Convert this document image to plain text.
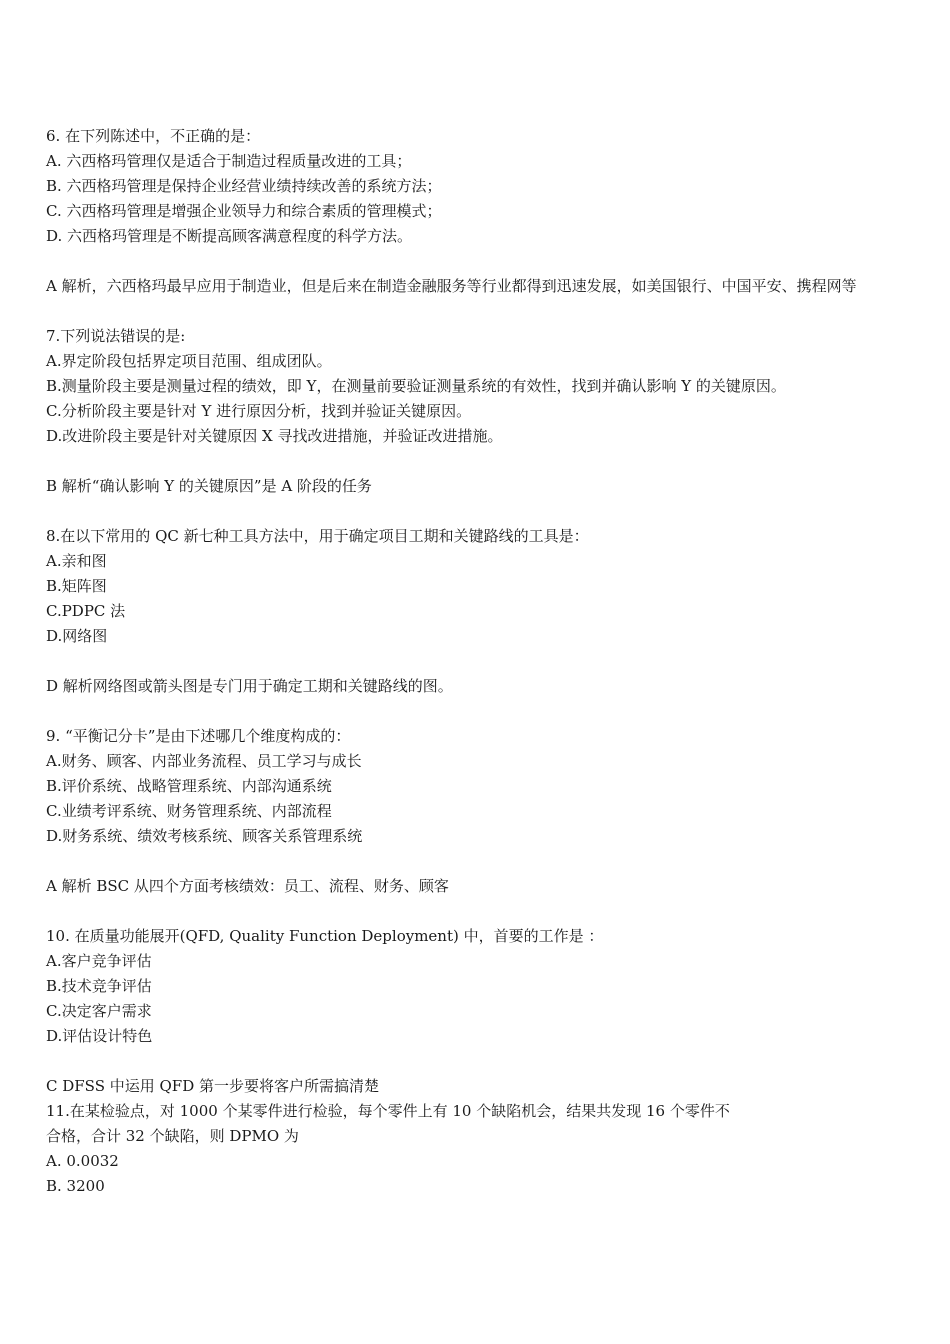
6. 在下列陈述中，不正确的是：
A. 六西格玛管理仅是适合于制造过程质量改进的工具；
B. 六西格玛管理是保持企业经营业绩持续改善的系统方法；
C. 六西格玛管理是增强企业领导力和综合素质的管理模式；
D. 六西格玛管理是不断提高顾客满意程度的科学方法。
A 解析，六西格玛最早应用于制造业，但是后来在制造金融服务等行业都得到迅速发展，如美国银行、中国平安、携程网等
7.下列说法错误的是:
A.界定阶段包括界定项目范围、组成团队。
B.测量阶段主要是测量过程的绩效，即 Y，在测量前要验证测量系统的有效性，找到并确认影响 Y 的关键原因。
C.分析阶段主要是针对 Y 进行原因分析，找到并验证关键原因。
D.改进阶段主要是针对关键原因 X 寻找改进措施，并验证改进措施。
B 解析“确认影响 Y 的关键原因”是 A 阶段的任务
8.在以下常用的 QC 新七种工具方法中，用于确定项目工期和关键路线的工具是：
A.亲和图
B.矩阵图
C.PDPC 法
D.网络图
D 解析网络图或箭头图是专门用于确定工期和关键路线的图。
9. “平衡记分卡”是由下述哪几个维度构成的：
A.财务、顾客、内部业务流程、员工学习与成长
B.评价系统、战略管理系统、内部沟通系统
C.业绩考评系统、财务管理系统、内部流程
D.财务系统、绩效考核系统、顾客关系管理系统
A 解析 BSC 从四个方面考核绩效：员工、流程、财务、顾客
10. 在质量功能展开(QFD, Quality Function Deployment) 中，首要的工作是 ：
A.客户竞争评估
B.技术竞争评估
C.决定客户需求
D.评估设计特色
C DFSS 中运用 QFD 第一步要将客户所需搞清楚
11.在某检验点，对 1000 个某零件进行检验，每个零件上有 10 个缺陷机会，结果共发现 16 个零件不
合格，合计 32 个缺陷，则 DPMO 为
A. 0.0032
B. 3200
